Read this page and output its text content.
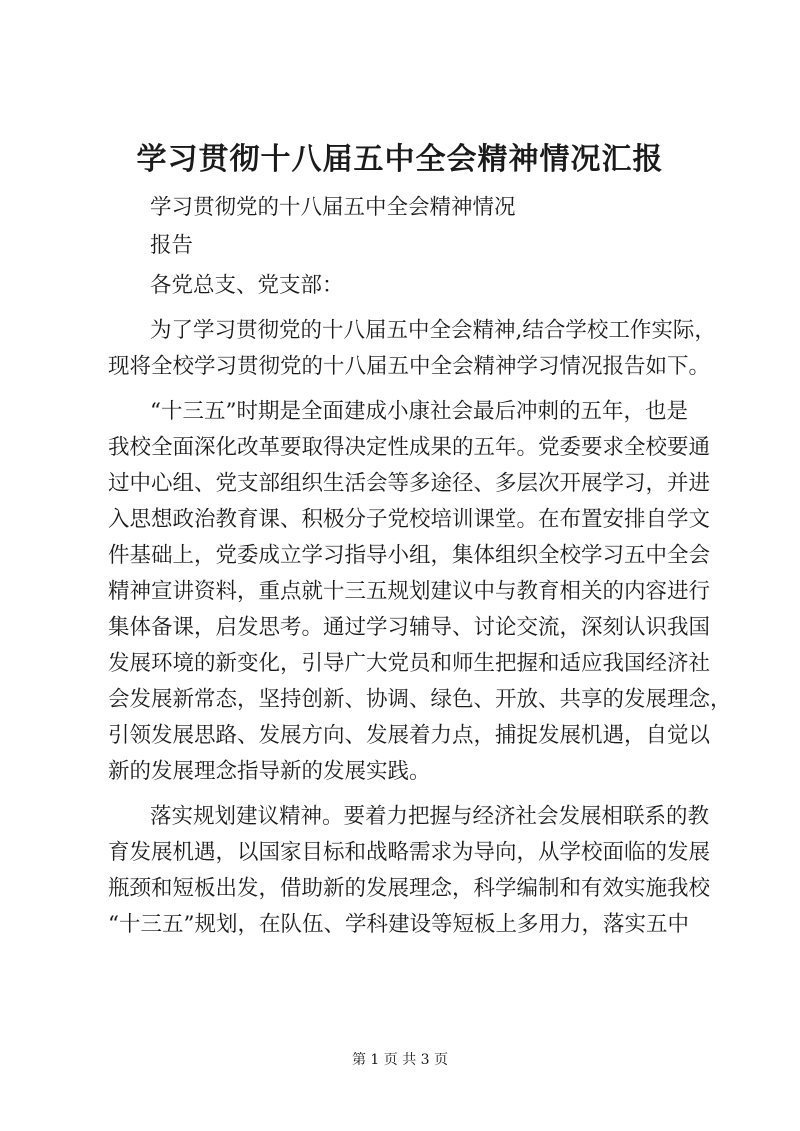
学习贯彻十八届五中全会精神情况汇报
学习贯彻党的十八届五中全会精神情况
报告
各党总支、党支部：
为了学习贯彻党的十八届五中全会精神,结合学校工作实际，
现将全校学习贯彻党的十八届五中全会精神学习情况报告如下。
“十三五”时期是全面建成小康社会最后冲刺的五年，也是
我校全面深化改革要取得决定性成果的五年。党委要求全校要通
过中心组、党支部组织生活会等多途径、多层次开展学习，并进
入思想政治教育课、积极分子党校培训课堂。在布置安排自学文
件基础上，党委成立学习指导小组，集体组织全校学习五中全会
精神宣讲资料，重点就十三五规划建议中与教育相关的内容进行
集体备课，启发思考。通过学习辅导、讨论交流，深刻认识我国
发展环境的新变化，引导广大党员和师生把握和适应我国经济社
会发展新常态，坚持创新、协调、绿色、开放、共享的发展理念，
引领发展思路、发展方向、发展着力点，捕捉发展机遇，自觉以
新的发展理念指导新的发展实践。
落实规划建议精神。要着力把握与经济社会发展相联系的教
育发展机遇，以国家目标和战略需求为导向，从学校面临的发展
瓶颈和短板出发，借助新的发展理念，科学编制和有效实施我校
“十三五”规划，在队伍、学科建设等短板上多用力，落实五中
第 1 页 共 3 页
